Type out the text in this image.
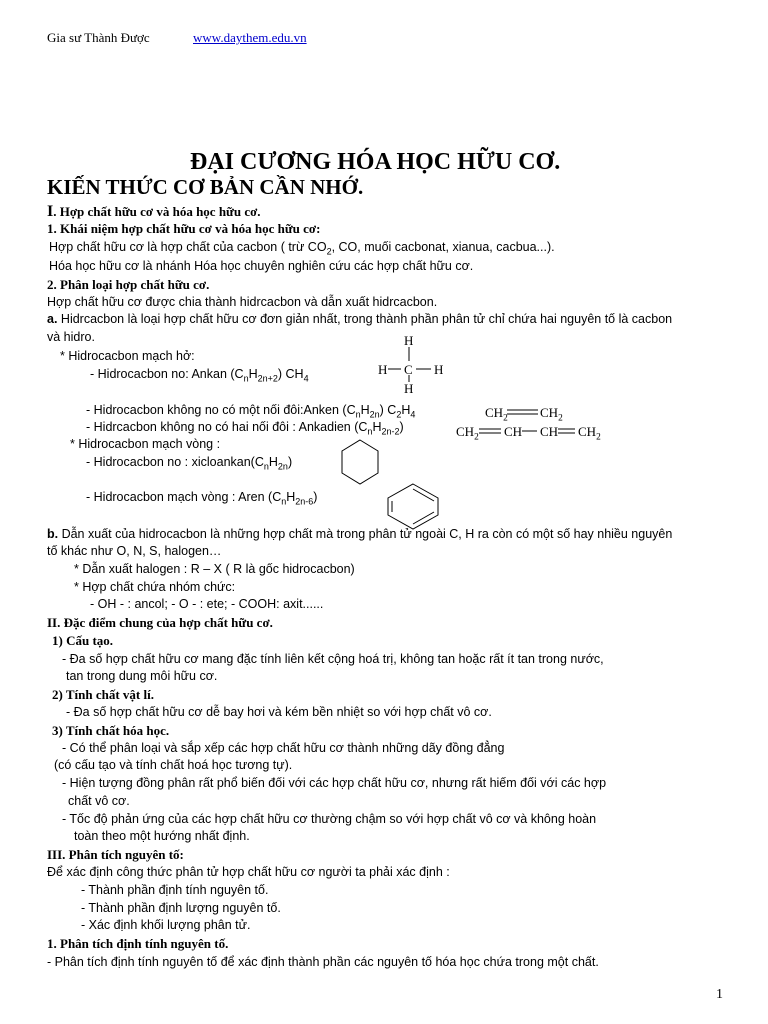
Gia sư Thành Được	www.daythem.edu.vn
ĐẠI CƯƠNG HÓA HỌC HỮU CƠ.
KIẾN THỨC CƠ BẢN CẦN NHỚ.
I. Hợp chất hữu cơ và hóa học hữu cơ.
1. Khái niệm hợp chất hữu cơ và hóa học hữu cơ:
Hợp chất hữu cơ là hợp chất của cacbon ( trừ $CO_2$, CO, muối cacbonat, xianua, cacbua...).
Hóa học hữu cơ là nhánh Hóa học chuyên nghiên cứu các hợp chất hữu cơ.
2. Phân loại hợp chất hữu cơ.
Hợp chất hữu cơ được chia thành hidrcacbon và dẫn xuất hidrcacbon.
a. Hidrcacbon là loại hợp chất hữu cơ đơn giản nhất, trong thành phần phân tử chỉ chứa hai nguyên tố là cacbon
và hidro.
* Hidrocacbon mạch hở:
- Hidrocacbon no: Ankan $(C_nH_{2n+2})$ $CH_4$
- Hidrocacbon không no có một nối đôi:Anken $(C_nH_{2n})$ $C_2H_4$
- Hidrcacbon không no có hai nối đôi : Ankadien $(C_nH_{2n-2})$
* Hidrocacbon mạch vòng :
- Hidrocacbon no : $xicloankan(C_nH_{2n})$
- Hidrocacbon mạch vòng : Aren $(C_nH_{2n-6})$
b. Dẫn xuất của hidrocacbon là những hợp chất mà trong phân tử ngoài C, H ra còn có một số hay nhiều nguyên
tố khác như O, N, S, halogen…
* Dẫn xuất halogen : R – X ( R là gốc hidrocacbon)
* Hợp chất chứa nhóm chức:
- OH - : ancol; - O - : ete; - COOH: axit......
II. Đặc điểm chung của hợp chất hữu cơ.
1) Cấu tạo.
- Đa số hợp chất hữu cơ mang đặc tính liên kết cộng hoá trị, không tan hoặc rất ít tan trong nước,
tan trong dung môi hữu cơ.
2) Tính chất vật lí.
- Đa số hợp chất hữu cơ dễ bay hơi và kém bền nhiệt so với hợp chất vô cơ.
3) Tính chất hóa học.
- Có thể phân loại và sắp xếp các hợp chất hữu cơ thành những dãy đồng đẳng
(có cấu tạo và tính chất hoá học tương tự).
- Hiện tượng đồng phân rất phổ biến đối với các hợp chất hữu cơ, nhưng rất hiếm đối với các hợp
chất vô cơ.
- Tốc độ phản ứng của các hợp chất hữu cơ thường chậm so với hợp chất vô cơ và không hoàn
toàn theo một hướng nhất định.
III. Phân tích nguyên tố:
Để xác định công thức phân tử hợp chất hữu cơ người ta phải xác định :
- Thành phần định tính nguyên tố.
- Thành phần định lượng nguyên tố.
- Xác định khối lượng phân tử.
1. Phân tích định tính nguyên tố.
- Phân tích định tính nguyên tố để xác định thành phần các nguyên tố hóa học chứa trong một chất.
H
H C H
H
$CH_2$ $CH_2$
$CH_2$ CH CH $CH_2$
1
